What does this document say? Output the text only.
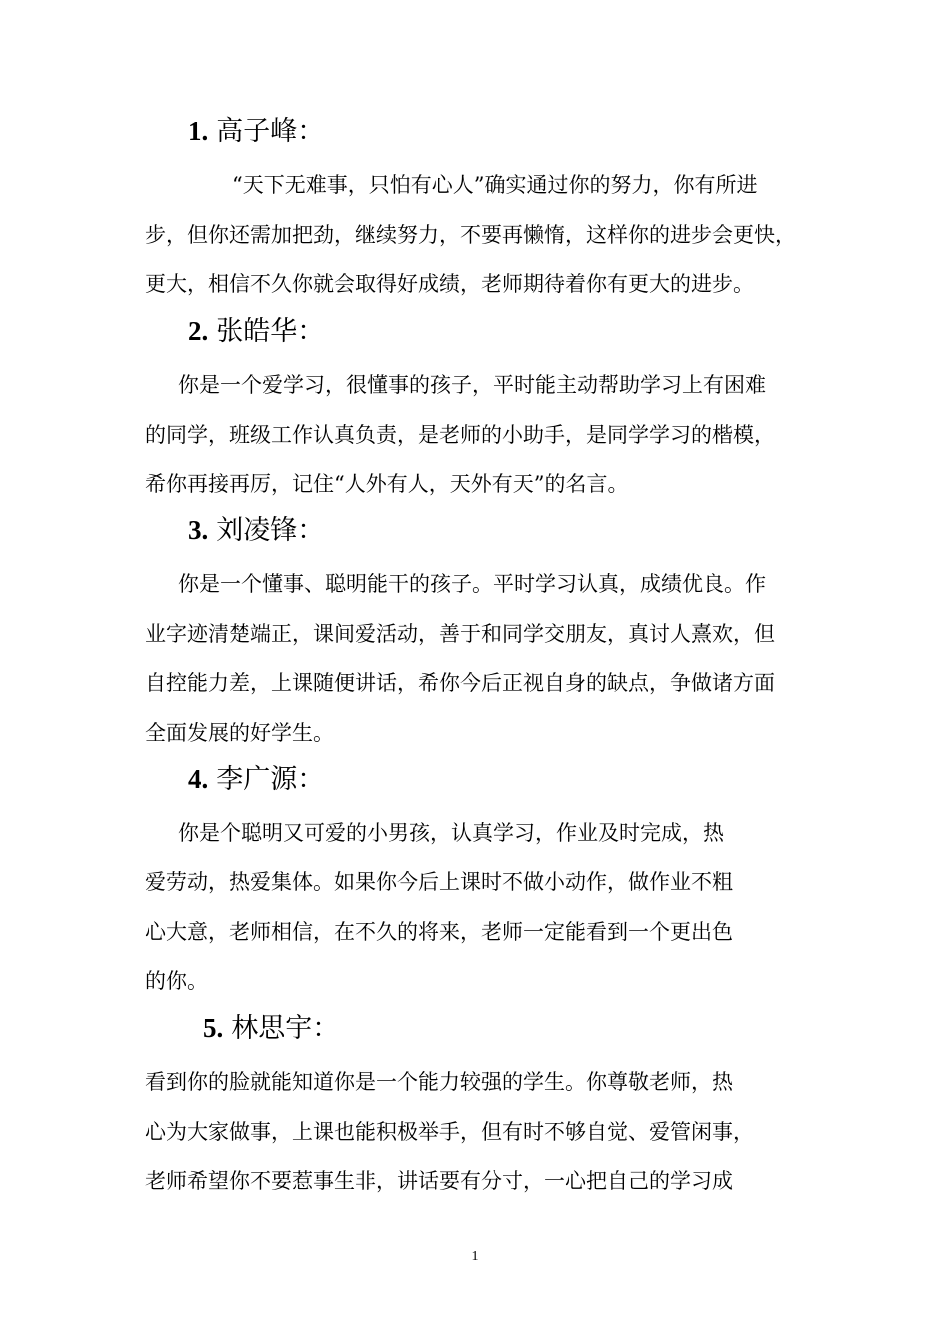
1. 高子峰：
“天下无难事，只怕有心人”确实通过你的努力，你有所进
步，但你还需加把劲，继续努力，不要再懒惰，这样你的进步会更快，
更大，相信不久你就会取得好成绩，老师期待着你有更大的进步。
2. 张皓华：
你是一个爱学习，很懂事的孩子，平时能主动帮助学习上有困难
的同学，班级工作认真负责，是老师的小助手，是同学学习的楷模，
希你再接再厉，记住“人外有人，天外有天”的名言。
3. 刘凌锋：
你是一个懂事、聪明能干的孩子。平时学习认真，成绩优良。作
业字迹清楚端正，课间爱活动，善于和同学交朋友，真讨人熹欢，但
自控能力差，上课随便讲话，希你今后正视自身的缺点，争做诸方面
全面发展的好学生。
4. 李广源：
你是个聪明又可爱的小男孩，认真学习，作业及时完成，热
爱劳动，热爱集体。如果你今后上课时不做小动作，做作业不粗
心大意，老师相信，在不久的将来，老师一定能看到一个更出色
的你。
5. 林思宇：
看到你的脸就能知道你是一个能力较强的学生。你尊敬老师，热
心为大家做事，上课也能积极举手，但有时不够自觉、爱管闲事，
老师希望你不要惹事生非，讲话要有分寸，一心把自己的学习成
1
